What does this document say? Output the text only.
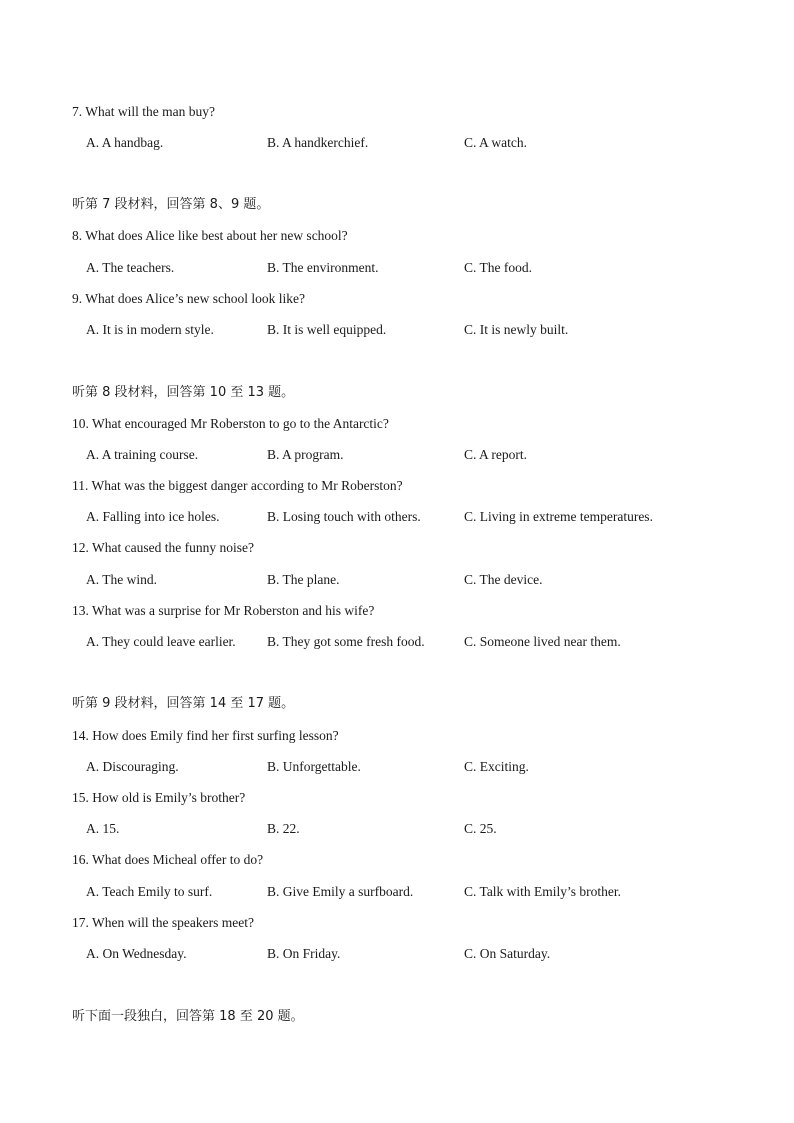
7. What will the man buy?
A. A handbag.	B. A handkerchief.	C. A watch.
听第 7 段材料，回答第 8、9 题。
8. What does Alice like best about her new school?
A. The teachers.	B. The environment.	C. The food.
9. What does Alice’s new school look like?
A. It is in modern style.	B. It is well equipped.	C. It is newly built.
听第 8 段材料，回答第 10 至 13 题。
10. What encouraged Mr Roberston to go to the Antarctic?
A. A training course.	B. A program.	C. A report.
11. What was the biggest danger according to Mr Roberston?
A. Falling into ice holes.	B. Losing touch with others.	C. Living in extreme temperatures.
12. What caused the funny noise?
A. The wind.	B. The plane.	C. The device.
13. What was a surprise for Mr Roberston and his wife?
A. They could leave earlier. B. They got some fresh food.	C. Someone lived near them.
听第 9 段材料，回答第 14 至 17 题。
14. How does Emily find her first surfing lesson?
A. Discouraging.	B. Unforgettable.	C. Exciting.
15. How old is Emily’s brother?
A. 15.	B. 22.	C. 25.
16. What does Micheal offer to do?
A. Teach Emily to surf.	B. Give Emily a surfboard.	C. Talk with Emily’s brother.
17. When will the speakers meet?
A. On Wednesday.	B. On Friday.	C. On Saturday.
听下面一段独白，回答第 18 至 20 题。
